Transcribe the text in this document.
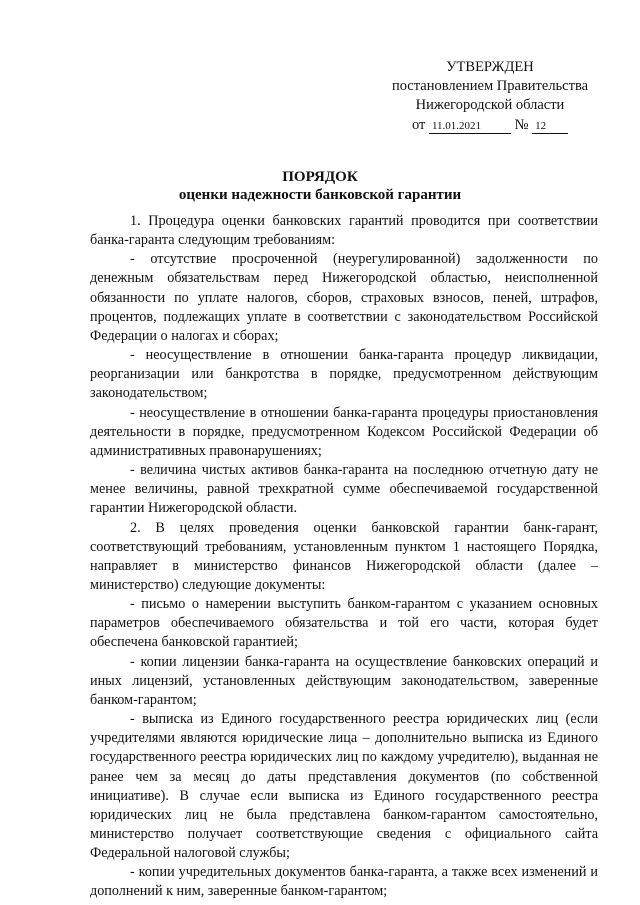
УТВЕРЖДЕН
постановлением Правительства
Нижегородской области
от 11.01.2021 № 12
ПОРЯДОК
оценки надежности банковской гарантии

1. Процедура оценки банковских гарантий проводится при соответствии банка-гаранта следующим требованиям:

- отсутствие просроченной (неурегулированной) задолженности по денежным обязательствам перед Нижегородской областью, неисполненной обязанности по уплате налогов, сборов, страховых взносов, пеней, штрафов, процентов, подлежащих уплате в соответствии с законодательством Российской Федерации о налогах и сборах;

- неосуществление в отношении банка-гаранта процедур ликвидации, реорганизации или банкротства в порядке, предусмотренном действующим законодательством;

- неосуществление в отношении банка-гаранта процедуры приостановления деятельности в порядке, предусмотренном Кодексом Российской Федерации об административных правонарушениях;

- величина чистых активов банка-гаранта на последнюю отчетную дату не менее величины, равной трехкратной сумме обеспечиваемой государственной гарантии Нижегородской области.

2. В целях проведения оценки банковской гарантии банк-гарант, соответствующий требованиям, установленным пунктом 1 настоящего Порядка, направляет в министерство финансов Нижегородской области (далее – министерство) следующие документы:

- письмо о намерении выступить банком-гарантом с указанием основных параметров обеспечиваемого обязательства и той его части, которая будет обеспечена банковской гарантией;

- копии лицензии банка-гаранта на осуществление банковских операций и иных лицензий, установленных действующим законодательством, заверенные банком-гарантом;

- выписка из Единого государственного реестра юридических лиц (если учредителями являются юридические лица – дополнительно выписка из Единого государственного реестра юридических лиц по каждому учредителю), выданная не ранее чем за месяц до даты представления документов (по собственной инициативе). В случае если выписка из Единого государственного реестра юридических лиц не была представлена банком-гарантом самостоятельно, министерство получает соответствующие сведения с официального сайта Федеральной налоговой службы;

- копии учредительных документов банка-гаранта, а также всех изменений и дополнений к ним, заверенные банком-гарантом;
